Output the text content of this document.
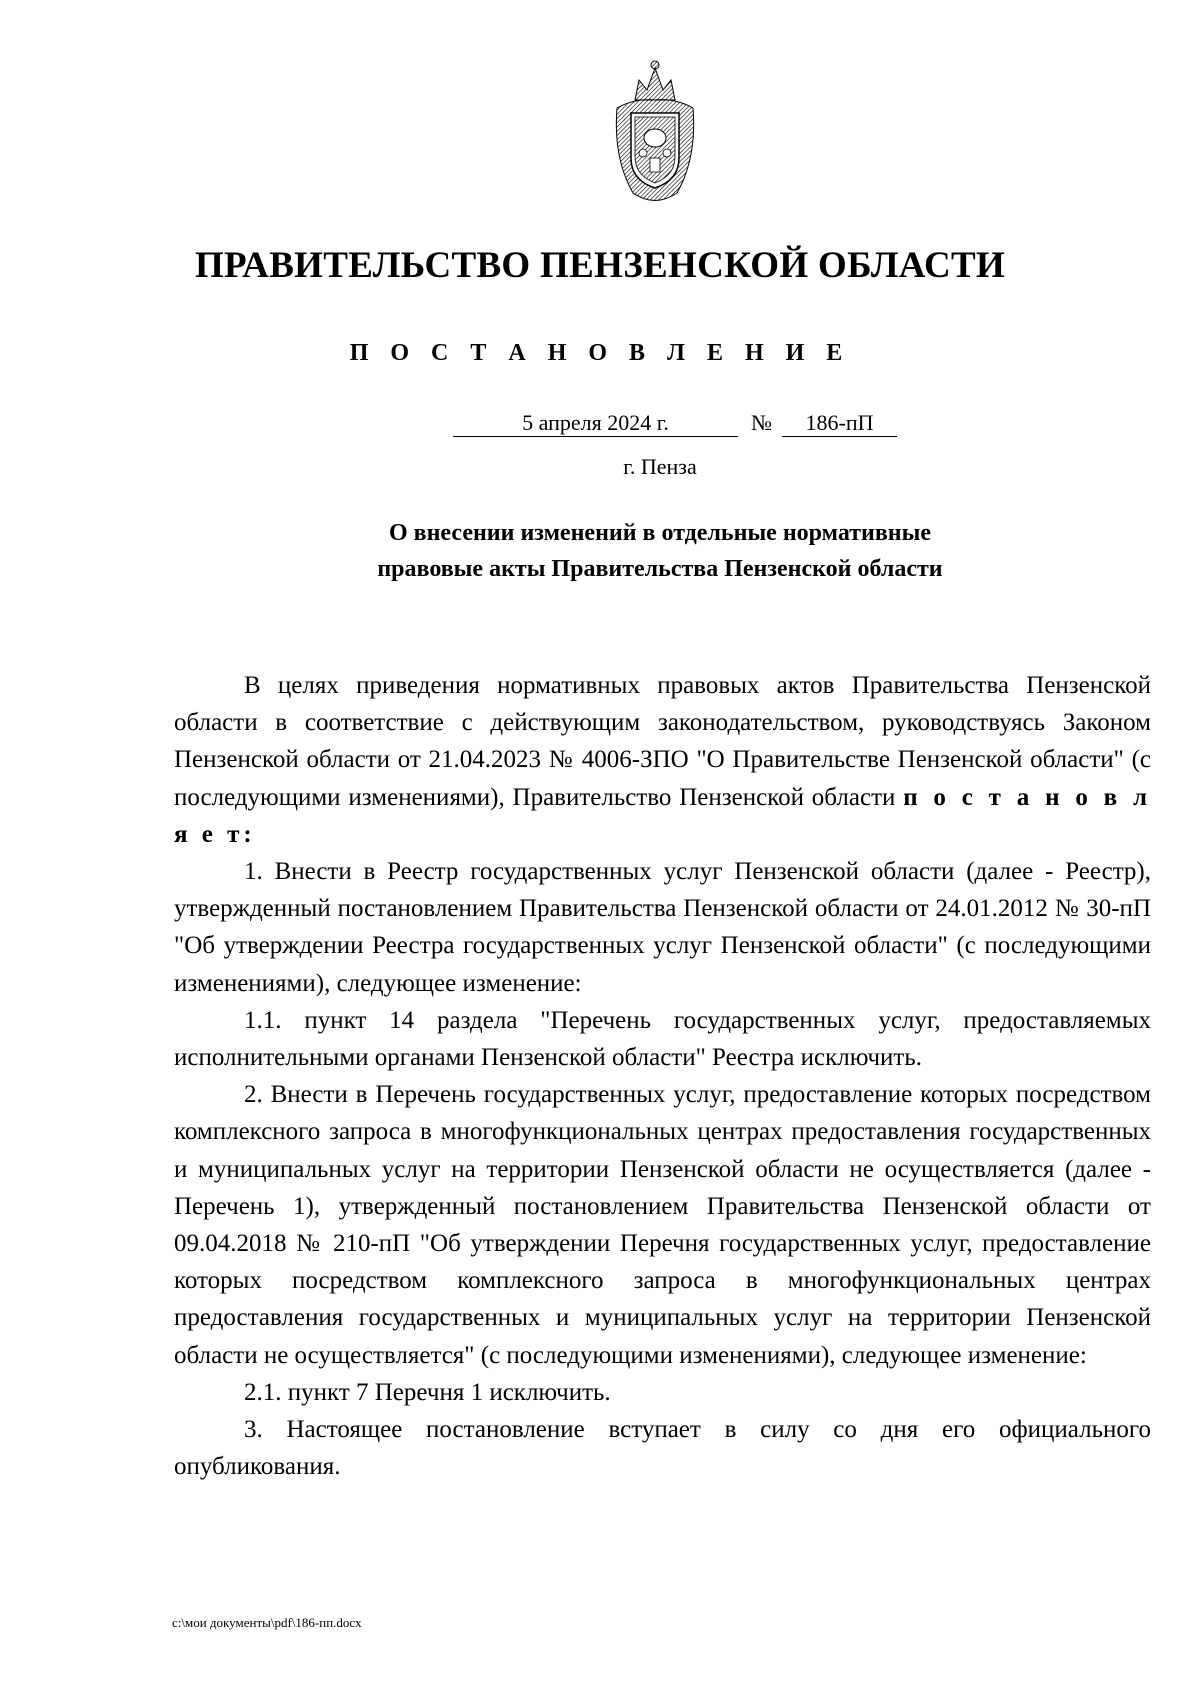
ПРАВИТЕЛЬСТВО ПЕНЗЕНСКОЙ ОБЛАСТИ
П О С Т А Н О В Л Е Н И Е
5 апреля 2024 г.	№	186-пП
г. Пенза
О внесении изменений в отдельные нормативные
правовые акты Правительства Пензенской области

В целях приведения нормативных правовых актов Правительства Пензенской области в соответствие с действующим законодательством, руководствуясь Законом Пензенской области от 21.04.2023 № 4006-ЗПО "О Правительстве Пензенской области" (с последующими изменениями), Правительство Пензенской области п о с т а н о в л я е т:

1. Внести в Реестр государственных услуг Пензенской области (далее - Реестр), утвержденный постановлением Правительства Пензенской области от 24.01.2012 № 30-пП "Об утверждении Реестра государственных услуг Пензенской области" (с последующими изменениями), следующее изменение:

1.1. пункт 14 раздела "Перечень государственных услуг, предоставляемых исполнительными органами Пензенской области" Реестра исключить.

2. Внести в Перечень государственных услуг, предоставление которых посредством комплексного запроса в многофункциональных центрах предоставления государственных и муниципальных услуг на территории Пензенской области не осуществляется (далее - Перечень 1), утвержденный постановлением Правительства Пензенской области от 09.04.2018 № 210-пП "Об утверждении Перечня государственных услуг, предоставление которых посредством комплексного запроса в многофункциональных центрах предоставления государственных и муниципальных услуг на территории Пензенской области не осуществляется" (с последующими изменениями), следующее изменение:

2.1. пункт 7 Перечня 1 исключить.

3. Настоящее постановление вступает в силу со дня его официального опубликования.

c:\мои документы\pdf\186-пп.docx
